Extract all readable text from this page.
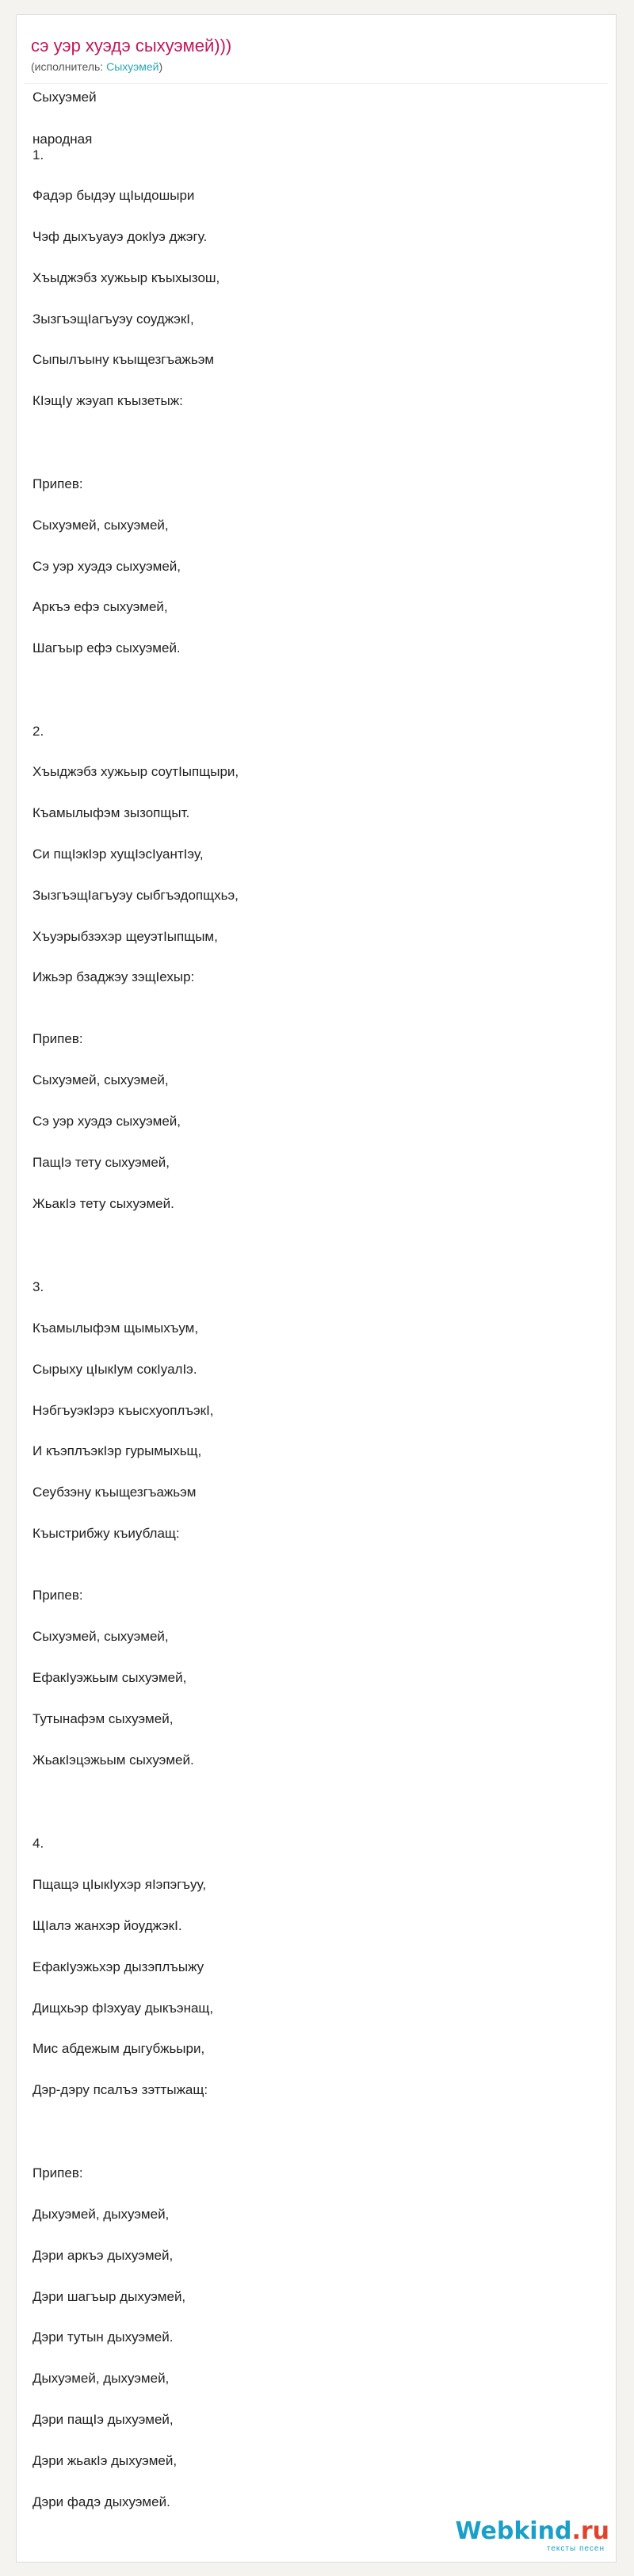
сэ уэр хуэдэ сыхуэмей)))
(исполнитель: Сыхуэмей)
Сыхуэмей
народная
1.
Фадэр быдэу щIыдошыри
Чэф дыхъуауэ докIуэ джэгу.
Хъыджэбз хужьыр къыхызош,
ЗызгъэщIагъуэу соуджэкI,
Сыпылъыну къыщезгъажьэм
КIэщIу жэуап къызетыж:
Припев:
Сыхуэмей, сыхуэмей,
Сэ уэр хуэдэ сыхуэмей,
Аркъэ ефэ сыхуэмей,
Шагъыр ефэ сыхуэмей.
2.
Хъыджэбз хужьыр соутIыпщыри,
Къамылыфэм зызопщыт.
Си пщIэкIэр хущIэсIуантIэу,
ЗызгъэщIагъуэу сыбгъэдопщхьэ,
Хъуэрыбзэхэр щеуэтIыпщым,
Ижьэр бзаджэу зэщIехыр:
Припев:
Сыхуэмей, сыхуэмей,
Сэ уэр хуэдэ сыхуэмей,
ПащIэ тету сыхуэмей,
ЖьакIэ тету сыхуэмей.
3.
Къамылыфэм щымыхъум,
Сырыху цIыкIум сокIуалIэ.
НэбгъуэкIэрэ къысхуоплъэкI,
И къэплъэкIэр гурымыхьщ,
Сеубзэну къыщезгъажьэм
Къыстрибжу къиублащ:
Припев:
Сыхуэмей, сыхуэмей,
ЕфакIуэжьым сыхуэмей,
Тутынафэм сыхуэмей,
ЖьакIэцэжьым сыхуэмей.
4.
Пщащэ цIыкIухэр яIэпэгъуу,
ЩIалэ жанхэр йоуджэкI.
ЕфакIуэжьхэр дызэплъыжу
Дищхьэр фIэхуау дыкъэнащ,
Мис абдежым дыгубжьыри,
Дэр-дэру псалъэ зэттыжащ:
Припев:
Дыхуэмей, дыхуэмей,
Дэри аркъэ дыхуэмей,
Дэри шагъыр дыхуэмей,
Дэри тутын дыхуэмей.
Дыхуэмей, дыхуэмей,
Дэри пащIэ дыхуэмей,
Дэри жьакIэ дыхуэмей,
Дэри фадэ дыхуэмей.
Webkind.ru
тексты песен
